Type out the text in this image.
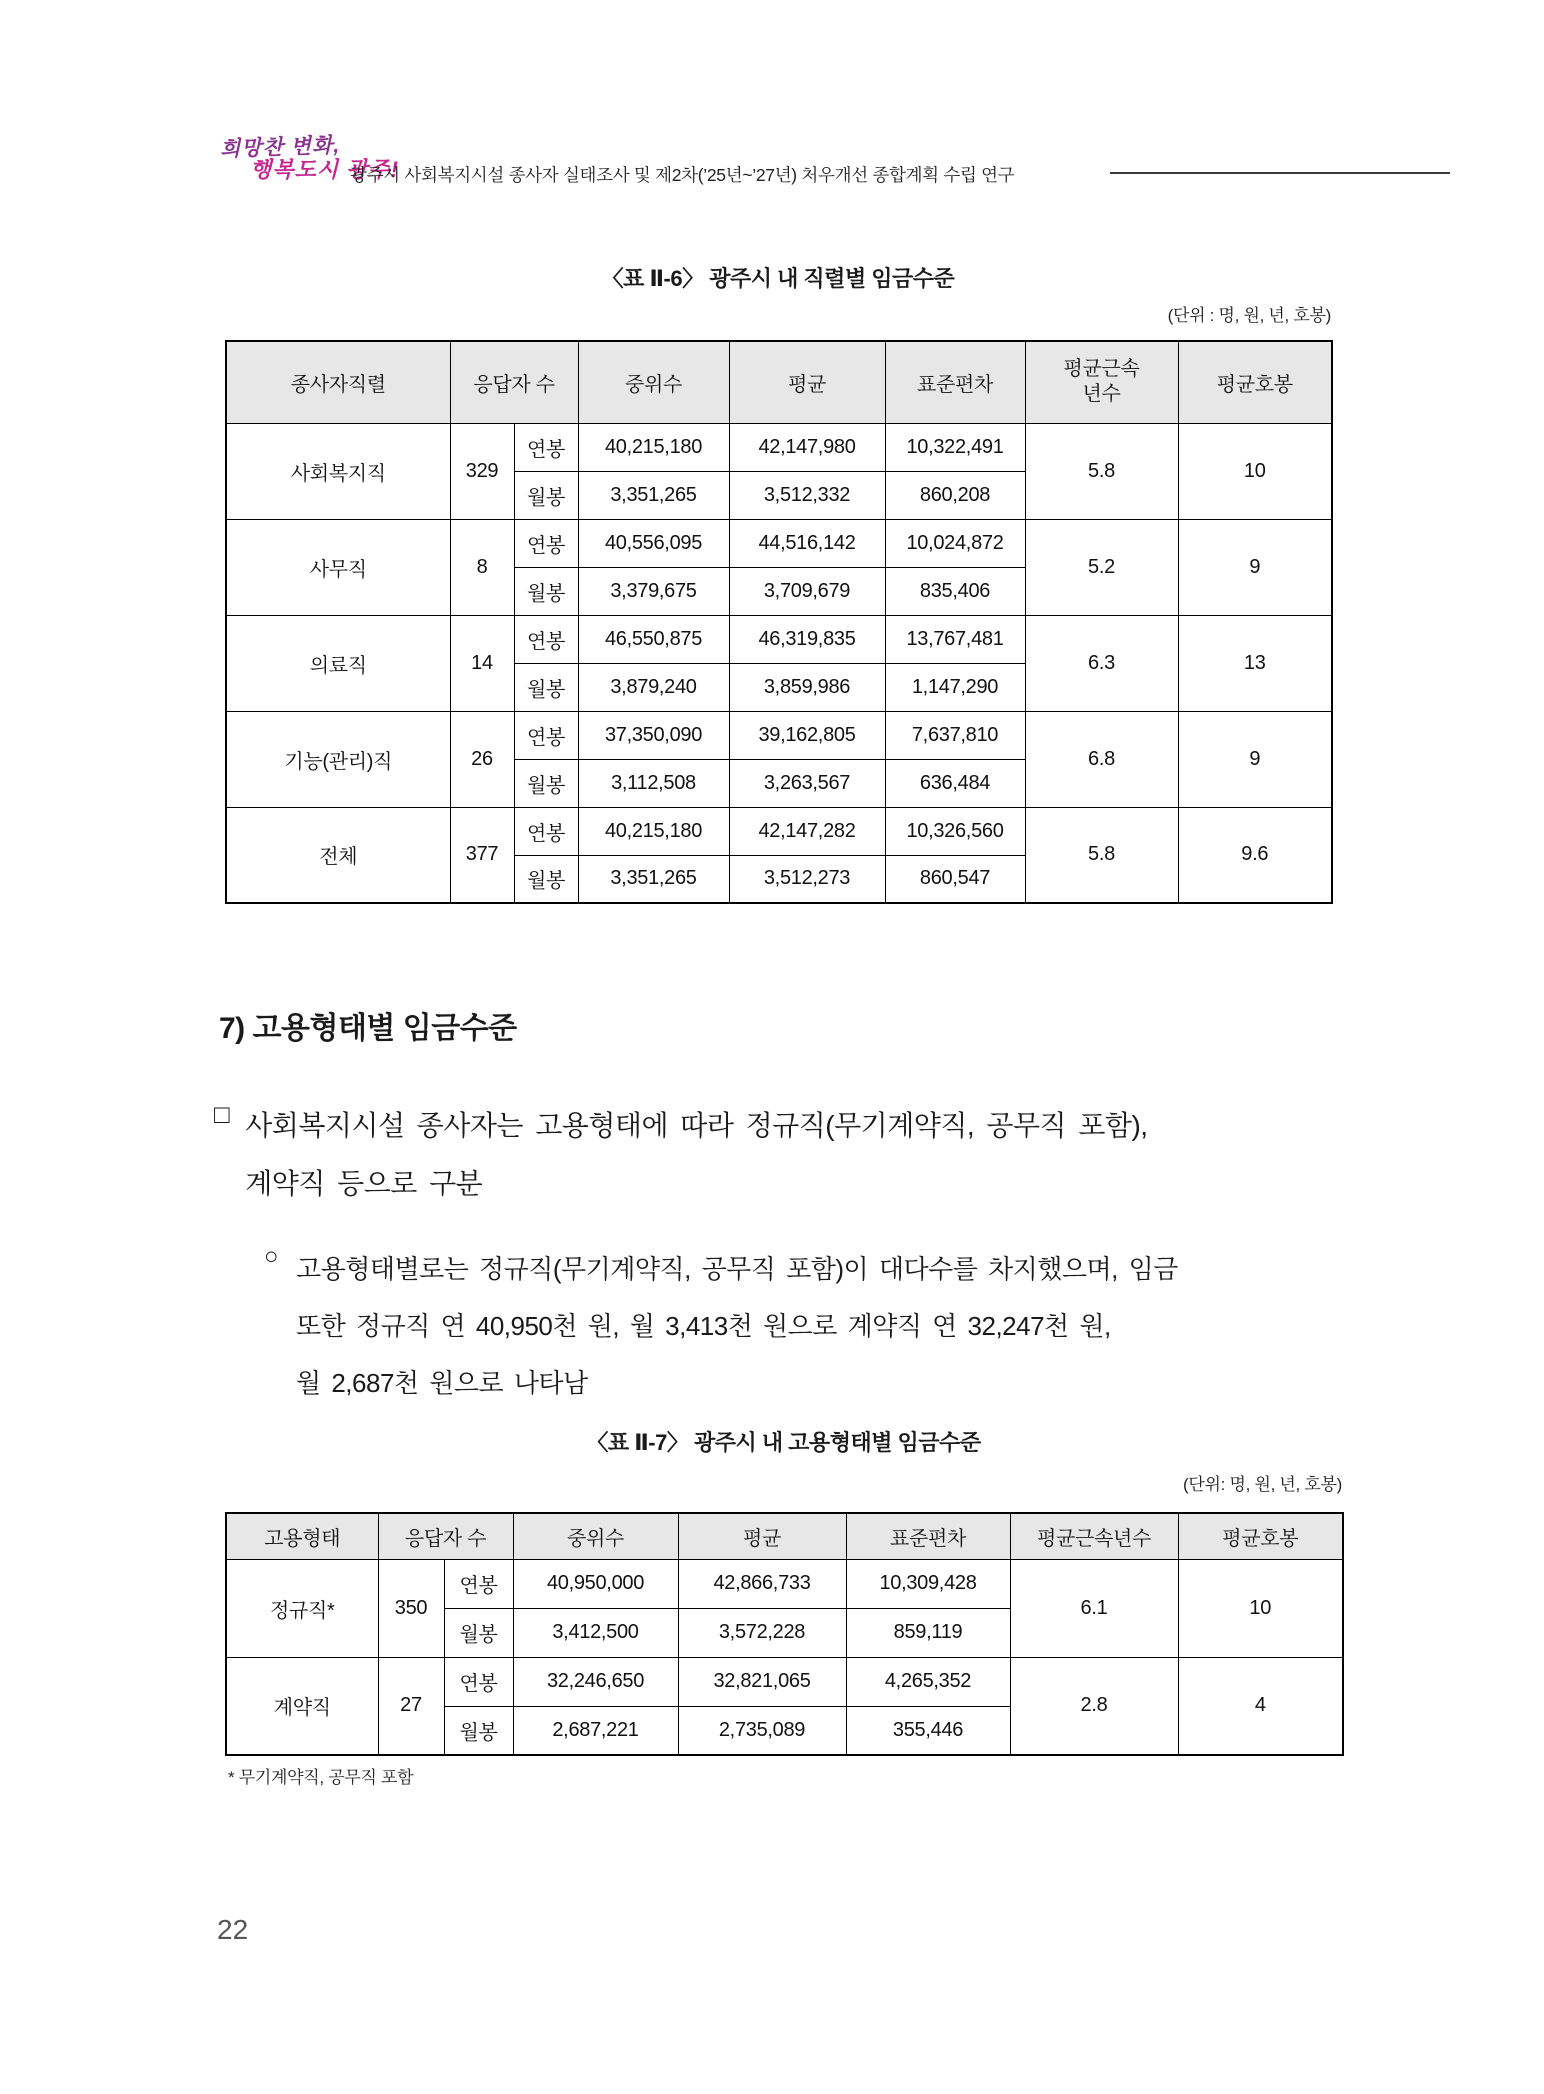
희망찬 변화,
행복도시 광주!
광주시 사회복지시설 종사자 실태조사 및 제2차(’25년~’27년) 처우개선 종합계획 수립 연구
〈표 Ⅱ-6〉 광주시 내 직렬별 임금수준
(단위 : 명, 원, 년, 호봉)
종사자직렬	응답자 수		중위수	평균	표준편차	평균근속
년수	평균호봉
사회복지직	329	연봉	40,215,180	42,147,980	10,322,491	5.8	10
		월봉	3,351,265	3,512,332	860,208		
사무직	8	연봉	40,556,095	44,516,142	10,024,872	5.2	9
		월봉	3,379,675	3,709,679	835,406		
의료직	14	연봉	46,550,875	46,319,835	13,767,481	6.3	13
		월봉	3,879,240	3,859,986	1,147,290		
기능(관리)직	26	연봉	37,350,090	39,162,805	7,637,810	6.8	9
		월봉	3,112,508	3,263,567	636,484		
전체	377	연봉	40,215,180	42,147,282	10,326,560	5.8	9.6
		월봉	3,351,265	3,512,273	860,547		
7) 고용형태별 임금수준
□ 사회복지시설 종사자는 고용형태에 따라 정규직(무기계약직, 공무직 포함),
계약직 등으로 구분
○ 고용형태별로는 정규직(무기계약직, 공무직 포함)이 대다수를 차지했으며, 임금
또한 정규직 연 40,950천 원, 월 3,413천 원으로 계약직 연 32,247천 원,
월 2,687천 원으로 나타남
〈표 Ⅱ-7〉 광주시 내 고용형태별 임금수준
(단위: 명, 원, 년, 호봉)
고용형태	응답자 수		중위수	평균	표준편차	평균근속년수	평균호봉
정규직*	350	연봉	40,950,000	42,866,733	10,309,428	6.1	10
		월봉	3,412,500	3,572,228	859,119		
계약직	27	연봉	32,246,650	32,821,065	4,265,352	2.8	4
		월봉	2,687,221	2,735,089	355,446		
* 무기계약직, 공무직 포함
22
